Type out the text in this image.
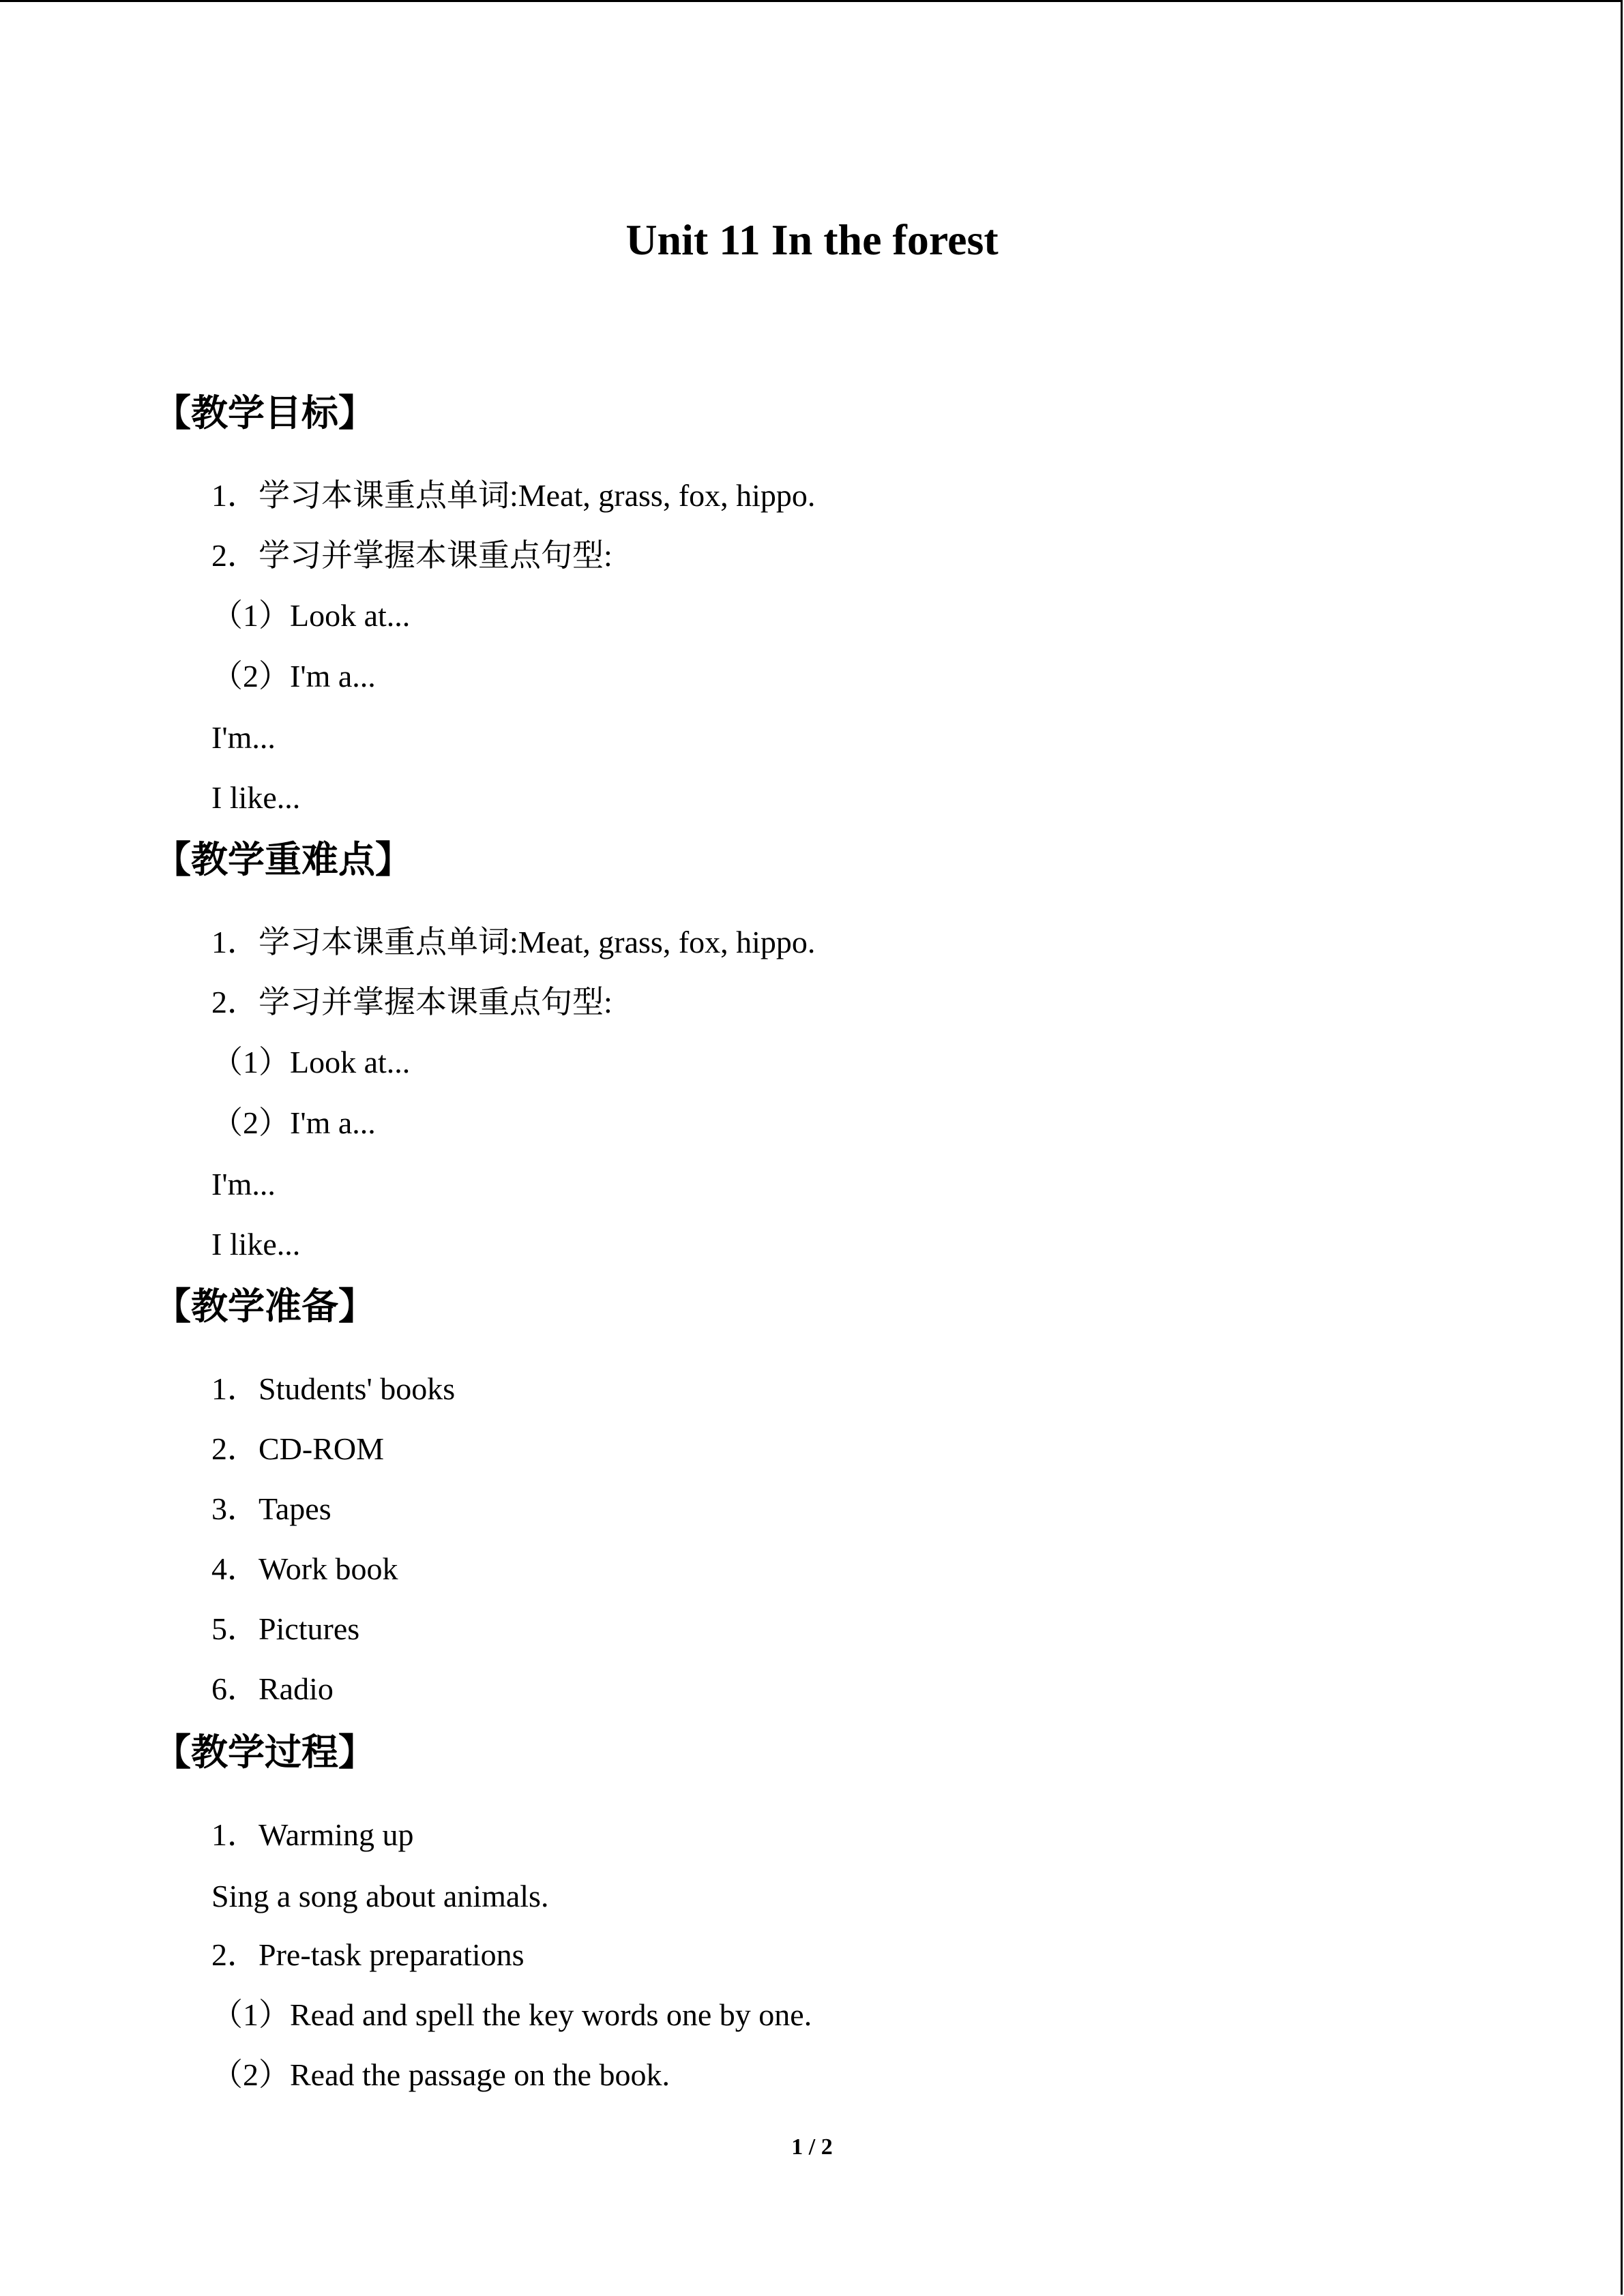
Unit 11 In the forest
【教学目标】
1．学习本课重点单词:Meat, grass, fox, hippo.
2．学习并掌握本课重点句型:
（1）Look at...
（2）I'm a...
I'm...
I like...
【教学重难点】
1．学习本课重点单词:Meat, grass, fox, hippo.
2．学习并掌握本课重点句型:
（1）Look at...
（2）I'm a...
I'm...
I like...
【教学准备】
1．Students' books
2．CD-ROM
3．Tapes
4．Work book
5．Pictures
6．Radio
【教学过程】
1．Warming up
Sing a song about animals.
2．Pre-task preparations
（1）Read and spell the key words one by one.
（2）Read the passage on the book.
1 / 2
